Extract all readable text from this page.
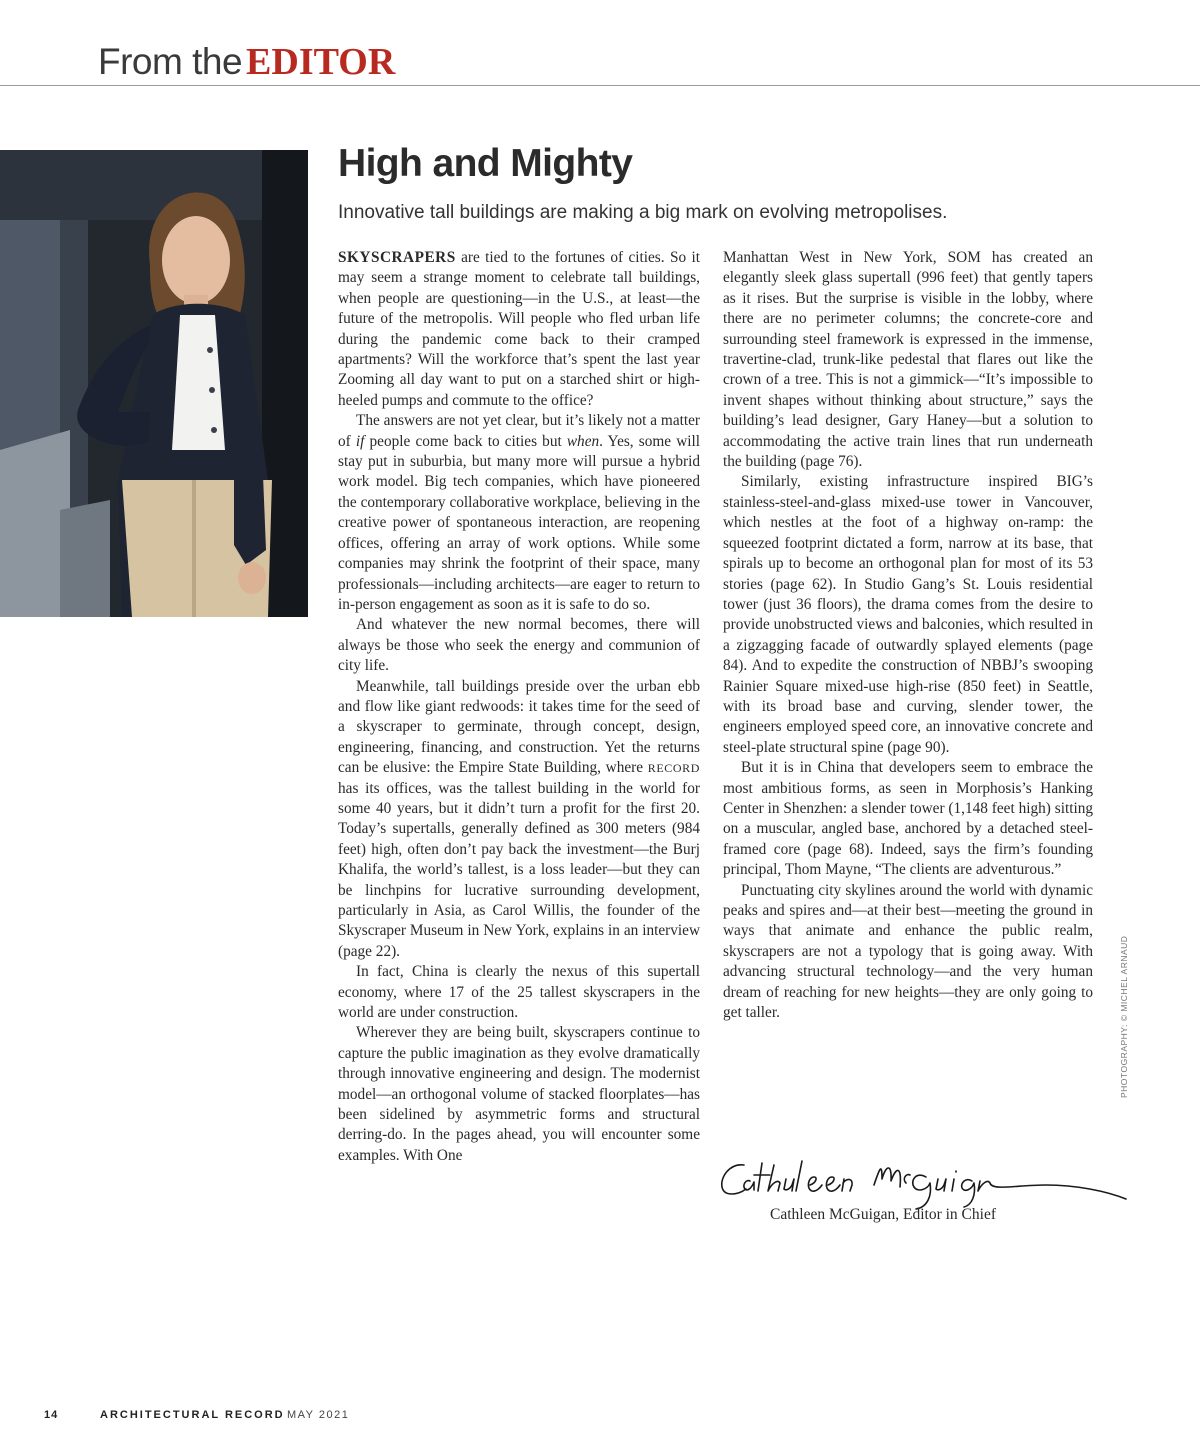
From the EDITOR
High and Mighty
Innovative tall buildings are making a big mark on evolving metropolises.

SKYSCRAPERS are tied to the fortunes of cities. So it may seem a strange moment to celebrate tall buildings, when people are questioning—in the U.S., at least—the future of the metropolis. Will people who fled urban life during the pandemic come back to their cramped apartments? Will the workforce that’s spent the last year Zooming all day want to put on a starched shirt or high-heeled pumps and commute to the office?

The answers are not yet clear, but it’s likely not a matter of if people come back to cities but when. Yes, some will stay put in suburbia, but many more will pursue a hybrid work model. Big tech companies, which have pioneered the contemporary collaborative workplace, believing in the creative power of spontaneous interaction, are reopening offices, offering an array of work options. While some companies may shrink the footprint of their space, many professionals—including architects—are eager to return to in-person engagement as soon as it is safe to do so.

And whatever the new normal becomes, there will always be those who seek the energy and communion of city life.

Meanwhile, tall buildings preside over the urban ebb and flow like giant redwoods: it takes time for the seed of a skyscraper to germinate, through concept, design, engineering, financing, and construction. Yet the returns can be elusive: the Empire State Building, where RECORD has its offices, was the tallest building in the world for some 40 years, but it didn’t turn a profit for the first 20. Today’s supertalls, generally defined as 300 meters (984 feet) high, often don’t pay back the investment—the Burj Khalifa, the world’s tallest, is a loss leader—but they can be linchpins for lucrative surrounding development, particularly in Asia, as Carol Willis, the founder of the Skyscraper Museum in New York, explains in an interview (page 22).

In fact, China is clearly the nexus of this supertall economy, where 17 of the 25 tallest skyscrapers in the world are under construction.

Wherever they are being built, skyscrapers continue to capture the public imagination as they evolve dramatically through innovative engineering and design. The modernist model—an orthogonal volume of stacked floorplates—has been sidelined by asymmetric forms and structural derring-do. In the pages ahead, you will encounter some examples. With One

Manhattan West in New York, SOM has created an elegantly sleek glass supertall (996 feet) that gently tapers as it rises. But the surprise is visible in the lobby, where there are no perimeter columns; the concrete-core and surrounding steel framework is expressed in the immense, travertine-clad, trunk-like pedestal that flares out like the crown of a tree. This is not a gimmick—“It’s impossible to invent shapes without thinking about structure,” says the building’s lead designer, Gary Haney—but a solution to accommodating the active train lines that run underneath the building (page 76).

Similarly, existing infrastructure inspired BIG’s stainless-steel-and-glass mixed-use tower in Vancouver, which nestles at the foot of a highway on-ramp: the squeezed footprint dictated a form, narrow at its base, that spirals up to become an orthogonal plan for most of its 53 stories (page 62). In Studio Gang’s St. Louis residential tower (just 36 floors), the drama comes from the desire to provide unobstructed views and balconies, which resulted in a zigzagging facade of outwardly splayed elements (page 84). And to expedite the construction of NBBJ’s swooping Rainier Square mixed-use high-rise (850 feet) in Seattle, with its broad base and curving, slender tower, the engineers employed speed core, an innovative concrete and steel-plate structural spine (page 90).

But it is in China that developers seem to embrace the most ambitious forms, as seen in Morphosis’s Hanking Center in Shenzhen: a slender tower (1,148 feet high) sitting on a muscular, angled base, anchored by a detached steel-framed core (page 68). Indeed, says the firm’s founding principal, Thom Mayne, “The clients are adventurous.”

Punctuating city skylines around the world with dynamic peaks and spires and—at their best—meeting the ground in ways that animate and enhance the public realm, skyscrapers are not a typology that is going away. With advancing structural technology—and the very human dream of reaching for new heights—they are only going to get taller.

Cathleen McGuigan, Editor in Chief
PHOTOGRAPHY: © MICHEL ARNAUD
14	ARCHITECTURAL RECORD MAY 2021
